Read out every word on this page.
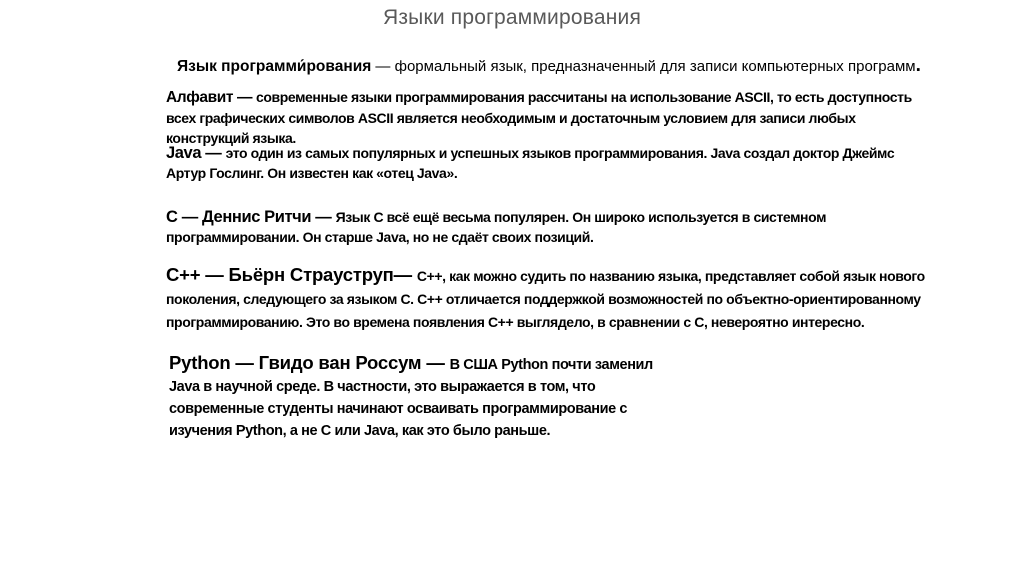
Языки программирования

Язык программи́рования — формальный язык, предназначенный для записи компьютерных программ.

Алфавит — современные языки программирования рассчитаны на использование ASCII, то есть доступность всех графических символов ASCII является необходимым и достаточным условием для записи любых конструкций языка.

Java — это один из самых популярных и успешных языков программирования. Java создал доктор Джеймс Артур Гослинг. Он известен как «отец Java».

С — Деннис Ритчи — Язык C всё ещё весьма популярен. Он широко используется в системном программировании. Он старше Java, но не сдаёт своих позиций.

C++ — Бьёрн Страуструп— C++, как можно судить по названию языка, представляет собой язык нового поколения, следующего за языком С. C++ отличается поддержкой возможностей по объектно-ориентированному программированию. Это во времена появления C++ выглядело, в сравнении с С, невероятно интересно.

Python — Гвидо ван Россум — В США Python почти заменил Java в научной среде. В частности, это выражается в том, что современные студенты начинают осваивать программирование с изучения Python, а не C или Java, как это было раньше.
